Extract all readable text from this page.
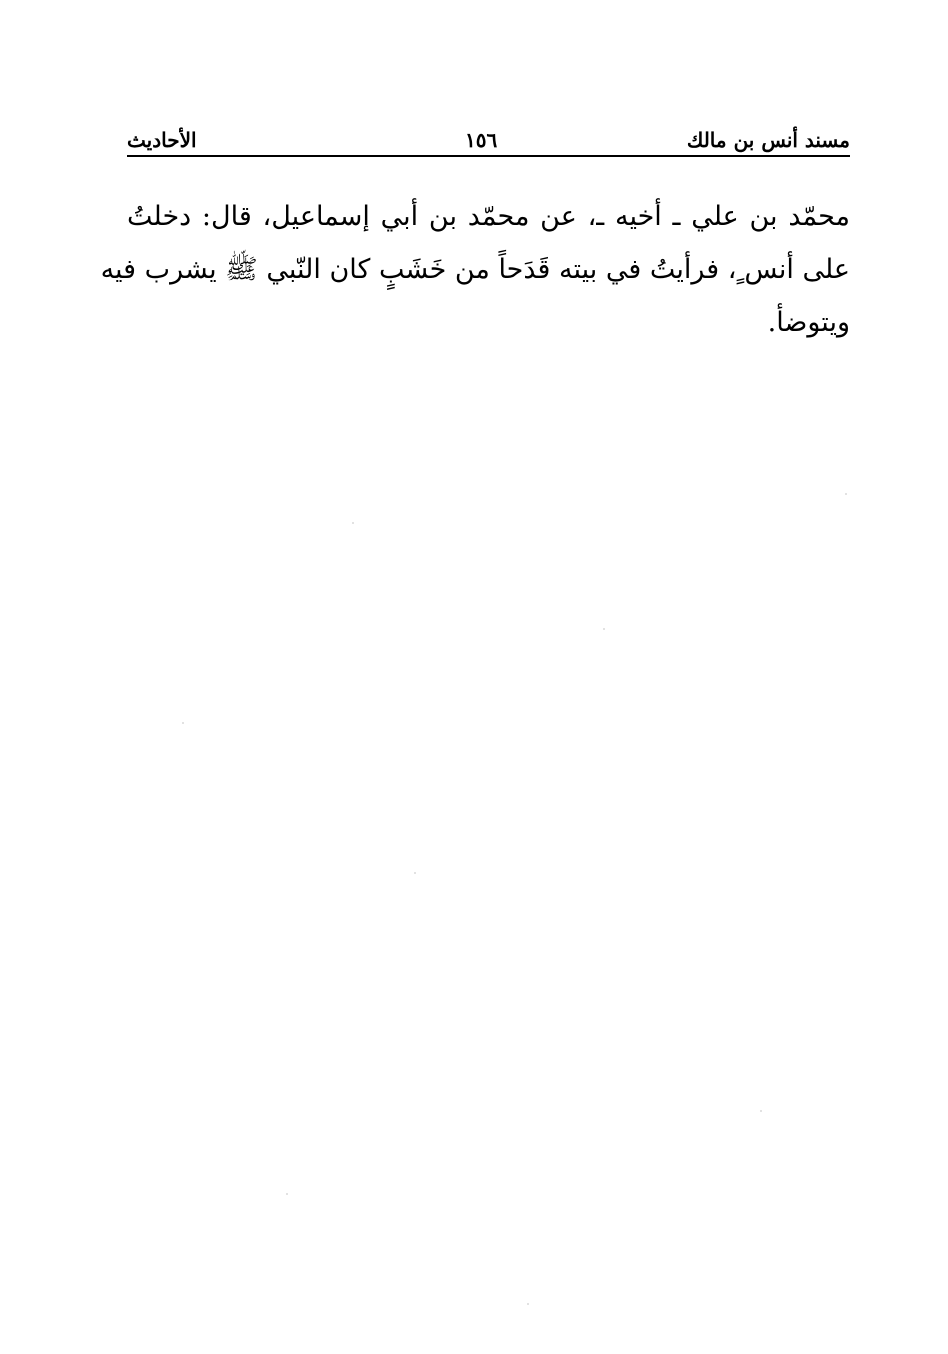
مسند أنس بن مالك
١٥٦
الأحاديث
محمّد بن علي ـ أخيه ـ، عن محمّد بن أبي إسماعيل، قال: دخلتُ
على أنس ٍ، فرأيتُ في بيته قَدَحاً من خَشَبٍ كان النّبي ﷺ يشرب فيه
ويتوضأ.
